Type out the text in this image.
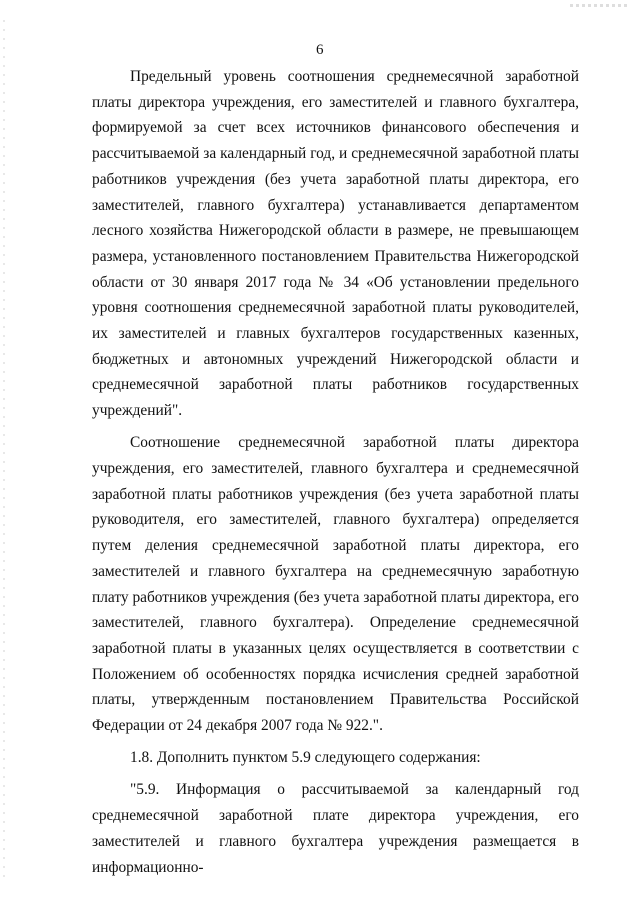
6

Предельный уровень соотношения среднемесячной заработной платы директора учреждения, его заместителей и главного бухгалтера, формируемой за счет всех источников финансового обеспечения и рассчитываемой за календарный год, и среднемесячной заработной платы работников учреждения (без учета заработной платы директора, его заместителей, главного бухгалтера) устанавливается департаментом лесного хозяйства Нижегородской области в размере, не превышающем размера, установленного постановлением Правительства Нижегородской области от 30 января 2017 года № 34 «Об установлении предельного уровня соотношения среднемесячной заработной платы руководителей, их заместителей и главных бухгалтеров государственных казенных, бюджетных и автономных учреждений Нижегородской области и среднемесячной заработной платы работников государственных учреждений".

Соотношение среднемесячной заработной платы директора учреждения, его заместителей, главного бухгалтера и среднемесячной заработной платы работников учреждения (без учета заработной платы руководителя, его заместителей, главного бухгалтера) определяется путем деления среднемесячной заработной платы директора, его заместителей и главного бухгалтера на среднемесячную заработную плату работников учреждения (без учета заработной платы директора, его заместителей, главного бухгалтера). Определение среднемесячной заработной платы в указанных целях осуществляется в соответствии с Положением об особенностях порядка исчисления средней заработной платы, утвержденным постановлением Правительства Российской Федерации от 24 декабря 2007 года № 922.".

1.8. Дополнить пунктом 5.9 следующего содержания:

"5.9. Информация о рассчитываемой за календарный год среднемесячной заработной плате директора учреждения, его заместителей и главного бухгалтера учреждения размещается в информационно-
